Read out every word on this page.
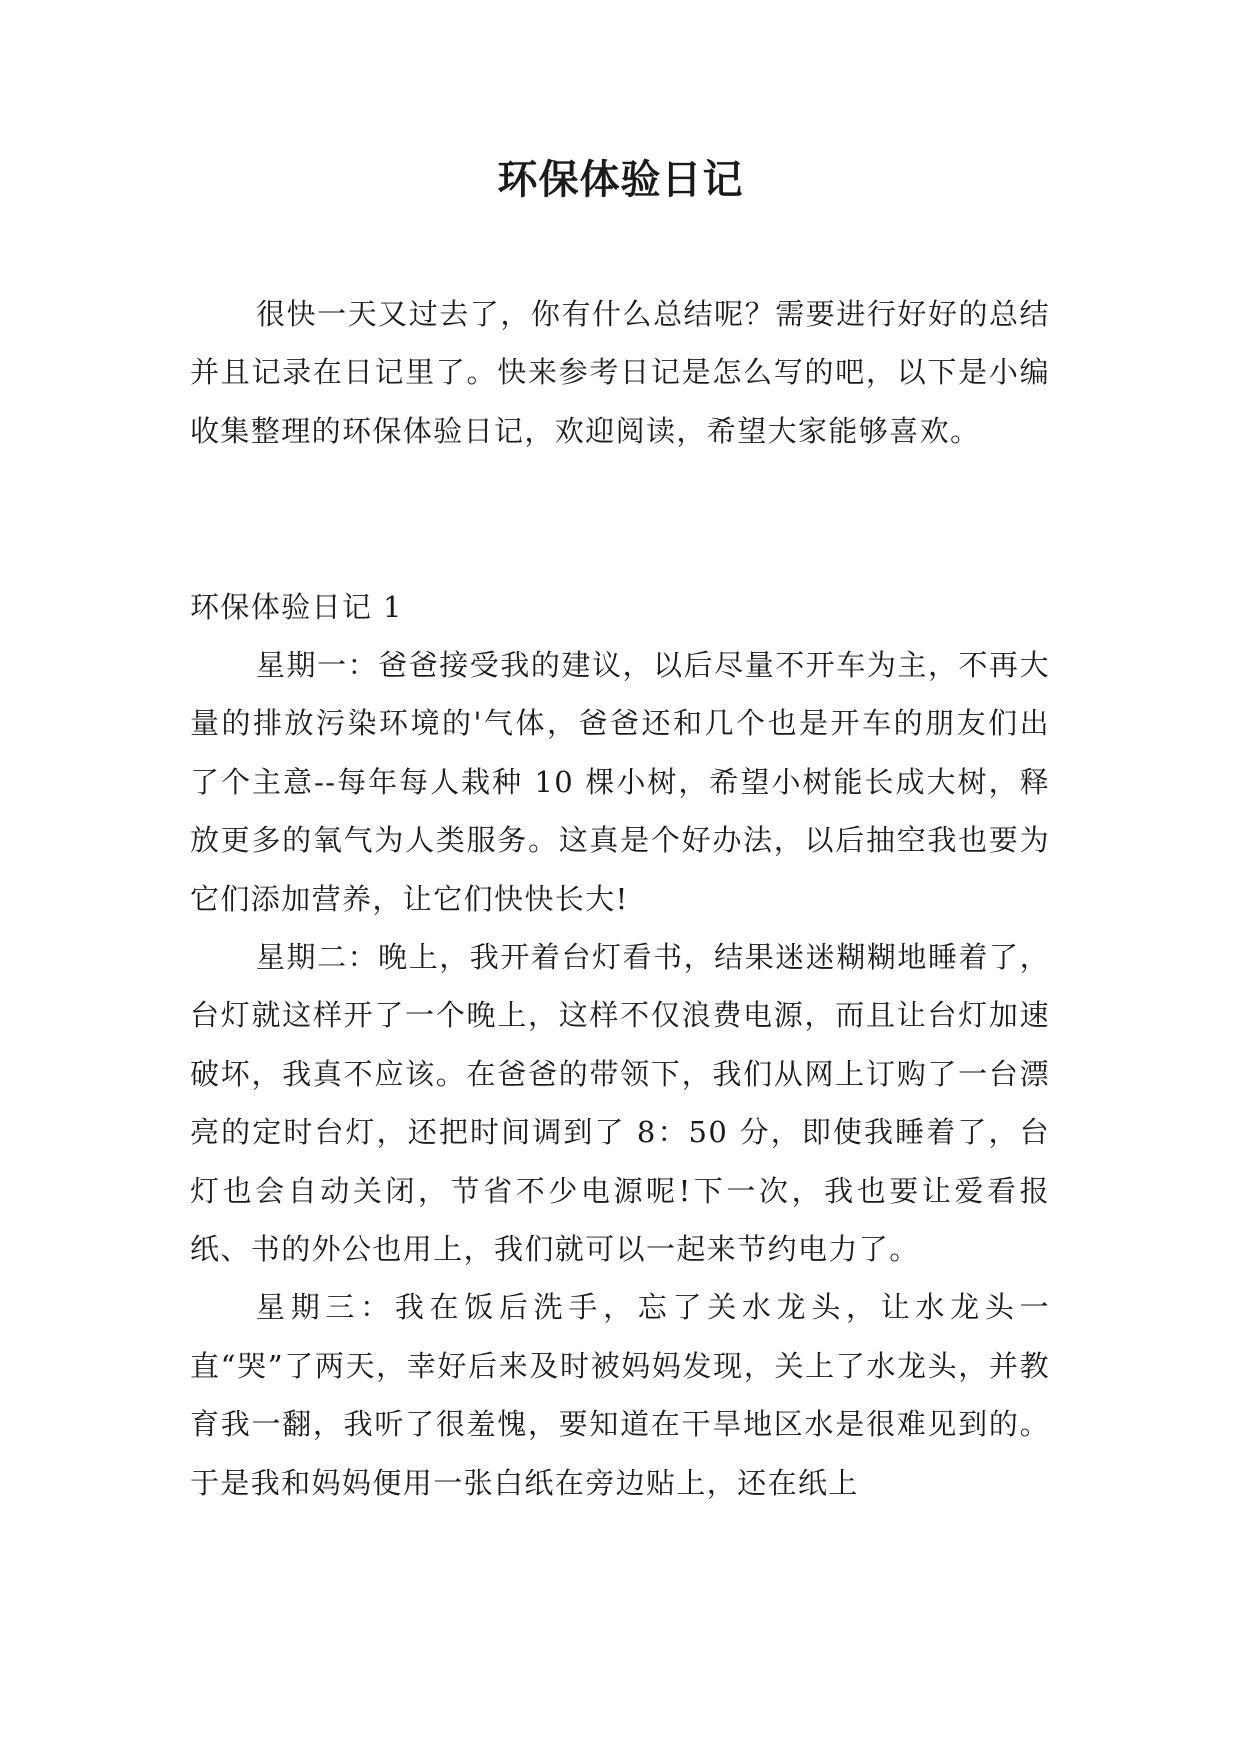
环保体验日记

很快一天又过去了，你有什么总结呢？需要进行好好的总结并且记录在日记里了。快来参考日记是怎么写的吧，以下是小编收集整理的环保体验日记，欢迎阅读，希望大家能够喜欢。

环保体验日记 1

星期一：爸爸接受我的建议，以后尽量不开车为主，不再大量的排放污染环境的'气体，爸爸还和几个也是开车的朋友们出了个主意--每年每人栽种 10 棵小树，希望小树能长成大树，释放更多的氧气为人类服务。这真是个好办法，以后抽空我也要为它们添加营养，让它们快快长大!

星期二：晚上，我开着台灯看书，结果迷迷糊糊地睡着了，台灯就这样开了一个晚上，这样不仅浪费电源，而且让台灯加速破坏，我真不应该。在爸爸的带领下，我们从网上订购了一台漂亮的定时台灯，还把时间调到了 8：50 分，即使我睡着了，台灯也会自动关闭，节省不少电源呢!下一次，我也要让爱看报纸、书的外公也用上，我们就可以一起来节约电力了。

星期三：我在饭后洗手，忘了关水龙头，让水龙头一直“哭”了两天，幸好后来及时被妈妈发现，关上了水龙头，并教育我一翻，我听了很羞愧，要知道在干旱地区水是很难见到的。于是我和妈妈便用一张白纸在旁边贴上，还在纸上
